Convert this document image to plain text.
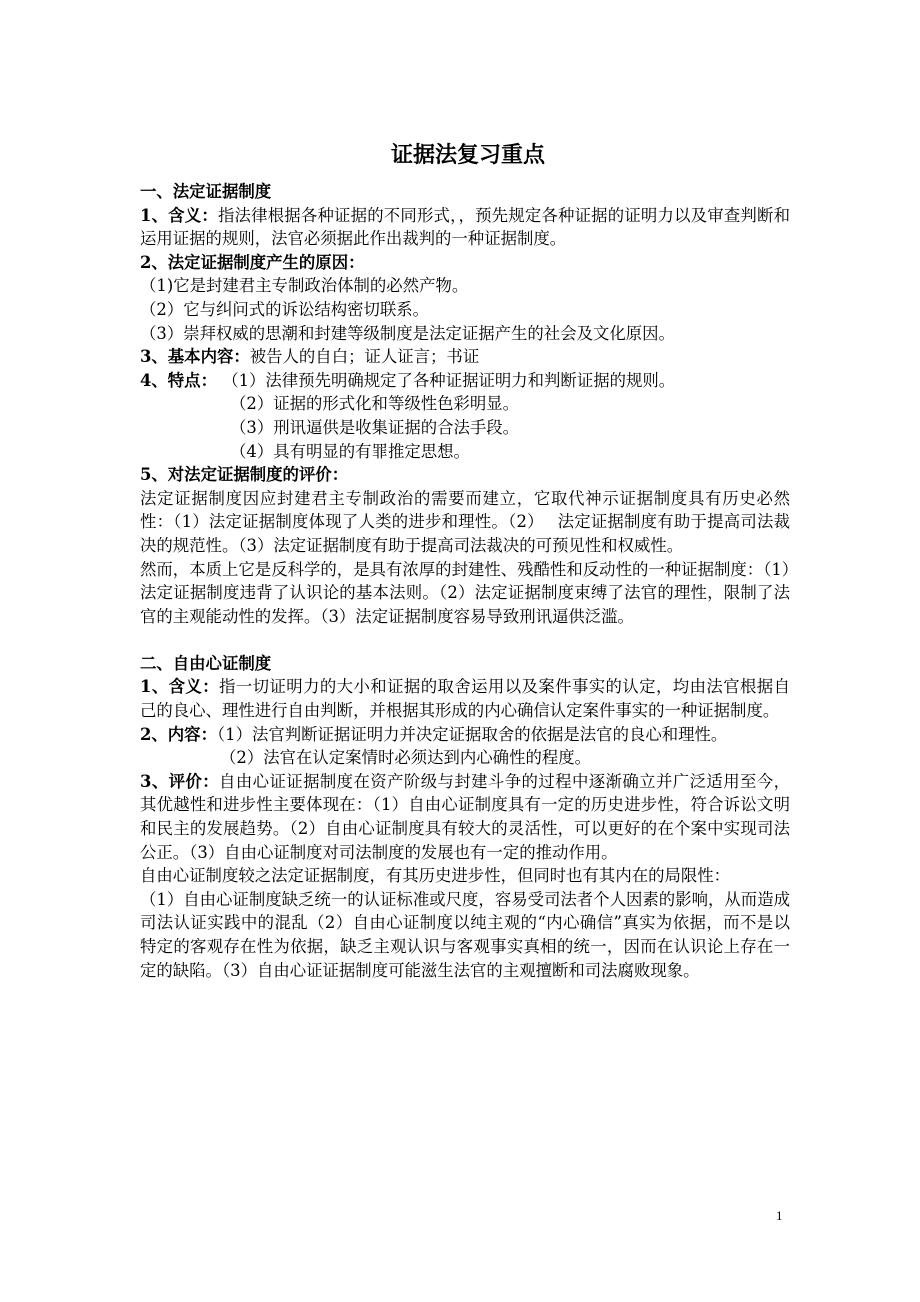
证据法复习重点

一、法定证据制度

1、含义：指法律根据各种证据的不同形式，，预先规定各种证据的证明力以及审查判断和运用证据的规则，法官必须据此作出裁判的一种证据制度。

2、法定证据制度产生的原因：

（1)它是封建君主专制政治体制的必然产物。

（2）它与纠问式的诉讼结构密切联系。

（3）崇拜权威的思潮和封建等级制度是法定证据产生的社会及文化原因。

3、基本内容：被告人的自白；证人证言；书证

4、特点： （1）法律预先明确规定了各种证据证明力和判断证据的规则。

（2）证据的形式化和等级性色彩明显。

（3）刑讯逼供是收集证据的合法手段。

（4）具有明显的有罪推定思想。

5、对法定证据制度的评价：

法定证据制度因应封建君主专制政治的需要而建立，它取代神示证据制度具有历史必然性：（1）法定证据制度体现了人类的进步和理性。（2）　 法定证据制度有助于提高司法裁决的规范性。（3）法定证据制度有助于提高司法裁决的可预见性和权威性。

然而，本质上它是反科学的，是具有浓厚的封建性、残酷性和反动性的一种证据制度：（1）法定证据制度违背了认识论的基本法则。（2）法定证据制度束缚了法官的理性，限制了法官的主观能动性的发挥。（3）法定证据制度容易导致刑讯逼供泛滥。

二、自由心证制度

1、含义：指一切证明力的大小和证据的取舍运用以及案件事实的认定，均由法官根据自己的良心、理性进行自由判断，并根据其形成的内心确信认定案件事实的一种证据制度。

2、内容：（1）法官判断证据证明力并决定证据取舍的依据是法官的良心和理性。

（2）法官在认定案情时必须达到内心确性的程度。

3、评价：自由心证证据制度在资产阶级与封建斗争的过程中逐渐确立并广泛适用至今，其优越性和进步性主要体现在：（1）自由心证制度具有一定的历史进步性，符合诉讼文明和民主的发展趋势。（2）自由心证制度具有较大的灵活性，可以更好的在个案中实现司法公正。（3）自由心证制度对司法制度的发展也有一定的推动作用。

自由心证制度较之法定证据制度，有其历史进步性，但同时也有其内在的局限性：

（1）自由心证制度缺乏统一的认证标准或尺度，容易受司法者个人因素的影响，从而造成司法认证实践中的混乱（2）自由心证制度以纯主观的“内心确信”真实为依据，而不是以特定的客观存在性为依据，缺乏主观认识与客观事实真相的统一，因而在认识论上存在一定的缺陷。（3）自由心证证据制度可能滋生法官的主观擅断和司法腐败现象。

1
